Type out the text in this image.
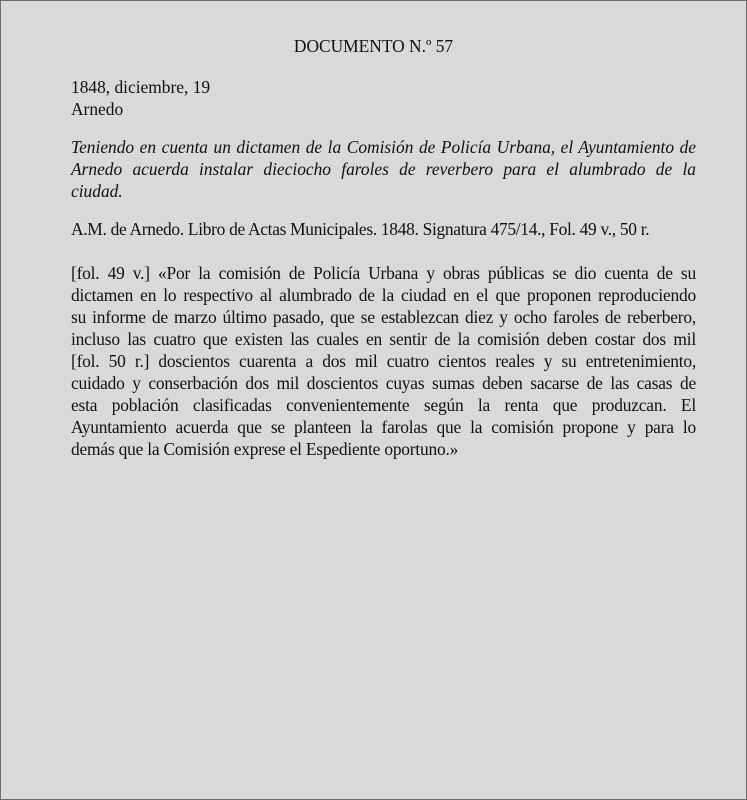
DOCUMENTO N.º 57
1848, diciembre, 19
Arnedo

Teniendo en cuenta un dictamen de la Comisión de Policía Urbana, el Ayuntamiento de
Arnedo acuerda instalar dieciocho faroles de reverbero para el alumbrado de la
ciudad.

A.M. de Arnedo. Libro de Actas Municipales. 1848. Signatura 475/14., Fol. 49 v., 50 r.

[fol. 49 v.] «Por la comisión de Policía Urbana y obras públicas se dio cuenta de su
dictamen en lo respectivo al alumbrado de la ciudad en el que proponen reproduciendo
su informe de marzo último pasado, que se establezcan diez y ocho faroles de reberbero,
incluso las cuatro que existen las cuales en sentir de la comisión deben costar dos mil
[fol. 50 r.] doscientos cuarenta a dos mil cuatro cientos reales y su entretenimiento,
cuidado y conserbación dos mil doscientos cuyas sumas deben sacarse de las casas de
esta población clasificadas convenientemente según la renta que produzcan. El
Ayuntamiento acuerda que se planteen la farolas que la comisión propone y para lo
demás que la Comisión exprese el Espediente oportuno.»
